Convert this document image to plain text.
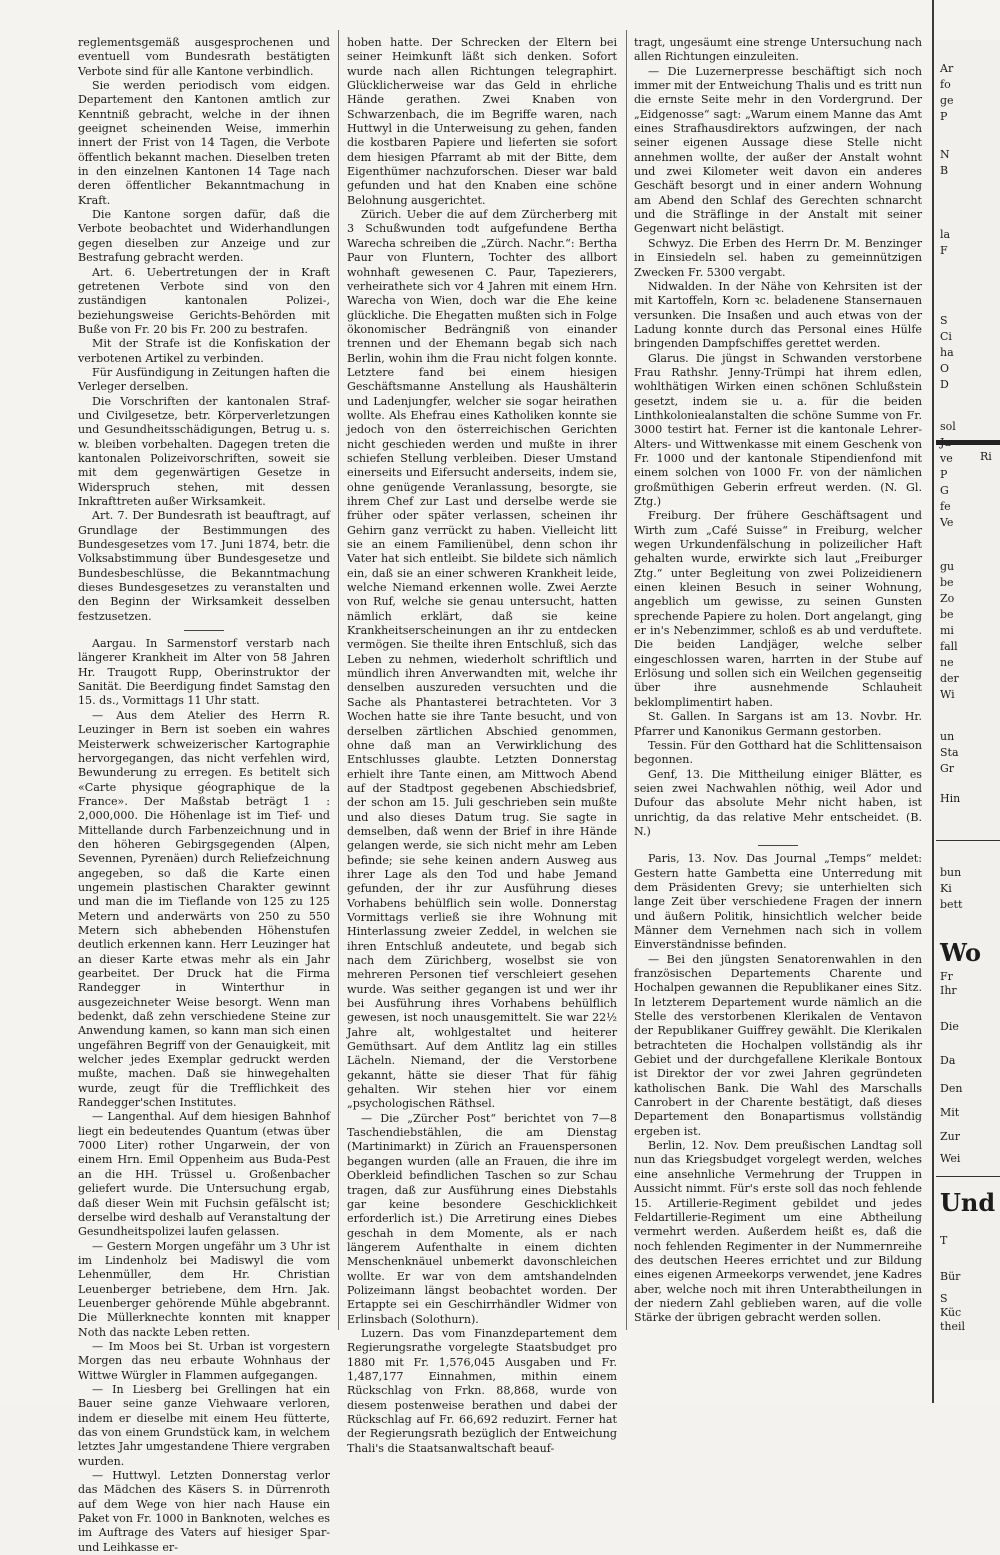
reglementsgemäß ausgesprochenen und eventuell vom Bundesrath bestätigten Verbote sind für alle Kantone verbindlich.

Sie werden periodisch vom eidgen. Departement den Kantonen amtlich zur Kenntniß gebracht, welche in der ihnen geeignet scheinenden Weise, immerhin innert der Frist von 14 Tagen, die Verbote öffentlich bekannt machen. Dieselben treten in den einzelnen Kantonen 14 Tage nach deren öffentlicher Bekanntmachung in Kraft.

Die Kantone sorgen dafür, daß die Verbote beobachtet und Widerhandlungen gegen dieselben zur Anzeige und zur Bestrafung gebracht werden.

Art. 6. Uebertretungen der in Kraft getretenen Verbote sind von den zuständigen kantonalen Polizei-, beziehungsweise Gerichts-Behörden mit Buße von Fr. 20 bis Fr. 200 zu bestrafen.

Mit der Strafe ist die Konfiskation der verbotenen Artikel zu verbinden.

Für Ausfündigung in Zeitungen haften die Verleger derselben.

Die Vorschriften der kantonalen Straf- und Civilgesetze, betr. Körperverletzungen und Gesundheitsschädigungen, Betrug u. s. w. bleiben vorbehalten. Dagegen treten die kantonalen Polizeivorschriften, soweit sie mit dem gegenwärtigen Gesetze in Widerspruch stehen, mit dessen Inkrafttreten außer Wirksamkeit.

Art. 7. Der Bundesrath ist beauftragt, auf Grundlage der Bestimmungen des Bundesgesetzes vom 17. Juni 1874, betr. die Volksabstimmung über Bundesgesetze und Bundesbeschlüsse, die Bekanntmachung dieses Bundesgesetzes zu veranstalten und den Beginn der Wirksamkeit desselben festzusetzen.

Aargau. In Sarmenstorf verstarb nach längerer Krankheit im Alter von 58 Jahren Hr. Traugott Rupp, Oberinstruktor der Sanität. Die Beerdigung findet Samstag den 15. ds., Vormittags 11 Uhr statt.

— Aus dem Atelier des Herrn R. Leuzinger in Bern ist soeben ein wahres Meisterwerk schweizerischer Kartographie hervorgegangen, das nicht verfehlen wird, Bewunderung zu erregen. Es betitelt sich «Carte physique géographique de la France». Der Maßstab beträgt 1 : 2,000,000. Die Höhenlage ist im Tief- und Mittellande durch Farbenzeichnung und in den höheren Gebirgsgegenden (Alpen, Sevennen, Pyrenäen) durch Reliefzeichnung angegeben, so daß die Karte einen ungemein plastischen Charakter gewinnt und man die im Tieflande von 125 zu 125 Metern und anderwärts von 250 zu 550 Metern sich abhebenden Höhenstufen deutlich erkennen kann. Herr Leuzinger hat an dieser Karte etwas mehr als ein Jahr gearbeitet. Der Druck hat die Firma Randegger in Winterthur in ausgezeichneter Weise besorgt. Wenn man bedenkt, daß zehn verschiedene Steine zur Anwendung kamen, so kann man sich einen ungefähren Begriff von der Genauigkeit, mit welcher jedes Exemplar gedruckt werden mußte, machen. Daß sie hinwegehalten wurde, zeugt für die Trefflichkeit des Randegger'schen Institutes.

— Langenthal. Auf dem hiesigen Bahnhof liegt ein bedeutendes Quantum (etwas über 7000 Liter) rother Ungarwein, der von einem Hrn. Emil Oppenheim aus Buda-Pest an die HH. Trüssel u. Großenbacher geliefert wurde. Die Untersuchung ergab, daß dieser Wein mit Fuchsin gefälscht ist; derselbe wird deshalb auf Veranstaltung der Gesundheitspolizei laufen gelassen.

— Gestern Morgen ungefähr um 3 Uhr ist im Lindenholz bei Madiswyl die vom Lehenmüller, dem Hr. Christian Leuenberger betriebene, dem Hrn. Jak. Leuenberger gehörende Mühle abgebrannt. Die Müllerknechte konnten mit knapper Noth das nackte Leben retten.

— Im Moos bei St. Urban ist vorgestern Morgen das neu erbaute Wohnhaus der Wittwe Würgler in Flammen aufgegangen.

— In Liesberg bei Grellingen hat ein Bauer seine ganze Viehwaare verloren, indem er dieselbe mit einem Heu fütterte, das von einem Grundstück kam, in welchem letztes Jahr umgestandene Thiere vergraben wurden.

— Huttwyl. Letzten Donnerstag verlor das Mädchen des Käsers S. in Dürrenroth auf dem Wege von hier nach Hause ein Paket von Fr. 1000 in Banknoten, welches es im Auftrage des Vaters auf hiesiger Spar- und Leihkasse er-

hoben hatte. Der Schrecken der Eltern bei seiner Heimkunft läßt sich denken. Sofort wurde nach allen Richtungen telegraphirt. Glücklicherweise war das Geld in ehrliche Hände gerathen. Zwei Knaben von Schwarzenbach, die im Begriffe waren, nach Huttwyl in die Unterweisung zu gehen, fanden die kostbaren Papiere und lieferten sie sofort dem hiesigen Pfarramt ab mit der Bitte, dem Eigenthümer nachzuforschen. Dieser war bald gefunden und hat den Knaben eine schöne Belohnung ausgerichtet.

Zürich. Ueber die auf dem Zürcherberg mit 3 Schußwunden todt aufgefundene Bertha Warecha schreiben die „Zürch. Nachr.“: Bertha Paur von Fluntern, Tochter des allbort wohnhaft gewesenen C. Paur, Tapezierers, verheirathete sich vor 4 Jahren mit einem Hrn. Warecha von Wien, doch war die Ehe keine glückliche. Die Ehegatten mußten sich in Folge ökonomischer Bedrängniß von einander trennen und der Ehemann begab sich nach Berlin, wohin ihm die Frau nicht folgen konnte. Letztere fand bei einem hiesigen Geschäftsmanne Anstellung als Haushälterin und Ladenjungfer, welcher sie sogar heirathen wollte. Als Ehefrau eines Katholiken konnte sie jedoch von den österreichischen Gerichten nicht geschieden werden und mußte in ihrer schiefen Stellung verbleiben. Dieser Umstand einerseits und Eifersucht anderseits, indem sie, ohne genügende Veranlassung, besorgte, sie ihrem Chef zur Last und derselbe werde sie früher oder später verlassen, scheinen ihr Gehirn ganz verrückt zu haben. Vielleicht litt sie an einem Familienübel, denn schon ihr Vater hat sich entleibt. Sie bildete sich nämlich ein, daß sie an einer schweren Krankheit leide, welche Niemand erkennen wolle. Zwei Aerzte von Ruf, welche sie genau untersucht, hatten nämlich erklärt, daß sie keine Krankheitserscheinungen an ihr zu entdecken vermögen. Sie theilte ihren Entschluß, sich das Leben zu nehmen, wiederholt schriftlich und mündlich ihren Anverwandten mit, welche ihr denselben auszureden versuchten und die Sache als Phantasterei betrachteten. Vor 3 Wochen hatte sie ihre Tante besucht, und von derselben zärtlichen Abschied genommen, ohne daß man an Verwirklichung des Entschlusses glaubte. Letzten Donnerstag erhielt ihre Tante einen, am Mittwoch Abend auf der Stadtpost gegebenen Abschiedsbrief, der schon am 15. Juli geschrieben sein mußte und also dieses Datum trug. Sie sagte in demselben, daß wenn der Brief in ihre Hände gelangen werde, sie sich nicht mehr am Leben befinde; sie sehe keinen andern Ausweg aus ihrer Lage als den Tod und habe Jemand gefunden, der ihr zur Ausführung dieses Vorhabens behülflich sein wolle. Donnerstag Vormittags verließ sie ihre Wohnung mit Hinterlassung zweier Zeddel, in welchen sie ihren Entschluß andeutete, und begab sich nach dem Zürichberg, woselbst sie von mehreren Personen tief verschleiert gesehen wurde. Was seither gegangen ist und wer ihr bei Ausführung ihres Vorhabens behülflich gewesen, ist noch unausgemittelt. Sie war 22½ Jahre alt, wohlgestaltet und heiterer Gemüthsart. Auf dem Antlitz lag ein stilles Lächeln. Niemand, der die Verstorbene gekannt, hätte sie dieser That für fähig gehalten. Wir stehen hier vor einem „psychologischen Räthsel.

— Die „Zürcher Post“ berichtet von 7—8 Taschendiebstählen, die am Dienstag (Martinimarkt) in Zürich an Frauenspersonen begangen wurden (alle an Frauen, die ihre im Oberkleid befindlichen Taschen so zur Schau tragen, daß zur Ausführung eines Diebstahls gar keine besondere Geschicklichkeit erforderlich ist.) Die Arretirung eines Diebes geschah in dem Momente, als er nach längerem Aufenthalte in einem dichten Menschenknäuel unbemerkt davonschleichen wollte. Er war von dem amtshandelnden Polizeimann längst beobachtet worden. Der Ertappte sei ein Geschirrhändler Widmer von Erlinsbach (Solothurn).

Luzern. Das vom Finanzdepartement dem Regierungsrathe vorgelegte Staatsbudget pro 1880 mit Fr. 1,576,045 Ausgaben und Fr. 1,487,177 Einnahmen, mithin einem Rückschlag von Frkn. 88,868, wurde von diesem postenweise berathen und dabei der Rückschlag auf Fr. 66,692 reduzirt. Ferner hat der Regierungsrath bezüglich der Entweichung Thali's die Staatsanwaltschaft beauf-

tragt, ungesäumt eine strenge Untersuchung nach allen Richtungen einzuleiten.

— Die Luzernerpresse beschäftigt sich noch immer mit der Entweichung Thalis und es tritt nun die ernste Seite mehr in den Vordergrund. Der „Eidgenosse“ sagt: „Warum einem Manne das Amt eines Strafhausdirektors aufzwingen, der nach seiner eigenen Aussage diese Stelle nicht annehmen wollte, der außer der Anstalt wohnt und zwei Kilometer weit davon ein anderes Geschäft besorgt und in einer andern Wohnung am Abend den Schlaf des Gerechten schnarcht und die Sträflinge in der Anstalt mit seiner Gegenwart nicht belästigt.

Schwyz. Die Erben des Herrn Dr. M. Benzinger in Einsiedeln sel. haben zu gemeinnützigen Zwecken Fr. 5300 vergabt.

Nidwalden. In der Nähe von Kehrsiten ist der mit Kartoffeln, Korn ꝛc. beladenene Stansernauen versunken. Die Insaßen und auch etwas von der Ladung konnte durch das Personal eines Hülfe bringenden Dampfschiffes gerettet werden.

Glarus. Die jüngst in Schwanden verstorbene Frau Rathshr. Jenny-Trümpi hat ihrem edlen, wohlthätigen Wirken einen schönen Schlußstein gesetzt, indem sie u. a. für die beiden Linthkoloniealanstalten die schöne Summe von Fr. 3000 testirt hat. Ferner ist die kantonale Lehrer-Alters- und Wittwenkasse mit einem Geschenk von Fr. 1000 und der kantonale Stipendienfond mit einem solchen von 1000 Fr. von der nämlichen großmüthigen Geberin erfreut werden. (N. Gl. Ztg.)

Freiburg. Der frühere Geschäftsagent und Wirth zum „Café Suisse“ in Freiburg, welcher wegen Urkundenfälschung in polizeilicher Haft gehalten wurde, erwirkte sich laut „Freiburger Ztg.“ unter Begleitung von zwei Polizeidienern einen kleinen Besuch in seiner Wohnung, angeblich um gewisse, zu seinen Gunsten sprechende Papiere zu holen. Dort angelangt, ging er in's Nebenzimmer, schloß es ab und verduftete. Die beiden Landjäger, welche selber eingeschlossen waren, harrten in der Stube auf Erlösung und sollen sich ein Weilchen gegenseitig über ihre ausnehmende Schlauheit beklomplimentirt haben.

St. Gallen. In Sargans ist am 13. Novbr. Hr. Pfarrer und Kanonikus Germann gestorben.

Tessin. Für den Gotthard hat die Schlittensaison begonnen.

Genf, 13. Die Mittheilung einiger Blätter, es seien zwei Nachwahlen nöthig, weil Ador und Dufour das absolute Mehr nicht haben, ist unrichtig, da das relative Mehr entscheidet. (B. N.)

Paris, 13. Nov. Das Journal „Temps“ meldet: Gestern hatte Gambetta eine Unterredung mit dem Präsidenten Grevy; sie unterhielten sich lange Zeit über verschiedene Fragen der innern und äußern Politik, hinsichtlich welcher beide Männer dem Vernehmen nach sich in vollem Einverständnisse befinden.

— Bei den jüngsten Senatorenwahlen in den französischen Departements Charente und Hochalpen gewannen die Republikaner eines Sitz. In letzterem Departement wurde nämlich an die Stelle des verstorbenen Klerikalen de Ventavon der Republikaner Guiffrey gewählt. Die Klerikalen betrachteten die Hochalpen vollständig als ihr Gebiet und der durchgefallene Klerikale Bontoux ist Direktor der vor zwei Jahren gegründeten katholischen Bank. Die Wahl des Marschalls Canrobert in der Charente bestätigt, daß dieses Departement den Bonapartismus vollständig ergeben ist.

Berlin, 12. Nov. Dem preußischen Landtag soll nun das Kriegsbudget vorgelegt werden, welches eine ansehnliche Vermehrung der Truppen in Aussicht nimmt. Für's erste soll das noch fehlende 15. Artillerie-Regiment gebildet und jedes Feldartillerie-Regiment um eine Abtheilung vermehrt werden. Außerdem heißt es, daß die noch fehlenden Regimenter in der Nummernreihe des deutschen Heeres errichtet und zur Bildung eines eigenen Armeekorps verwendet, jene Kadres aber, welche noch mit ihren Unterabtheilungen in der niedern Zahl geblieben waren, auf die volle Stärke der übrigen gebracht werden sollen.

Ar
fo
ge
P
N
B
la
F
S
Ci
ha
O
D
sol
Ja
ve
P
G
fe
Ve
Ri
gu
be
Zo
be
mi
fall
ne
der
Wi
un
Sta
Gr
Hin
bun
Ki
bett
Wo
Fr
Ihr
Die
Da
Den
Mit
Zur
Wei
Und
T
Bür
S
Küc
theil
